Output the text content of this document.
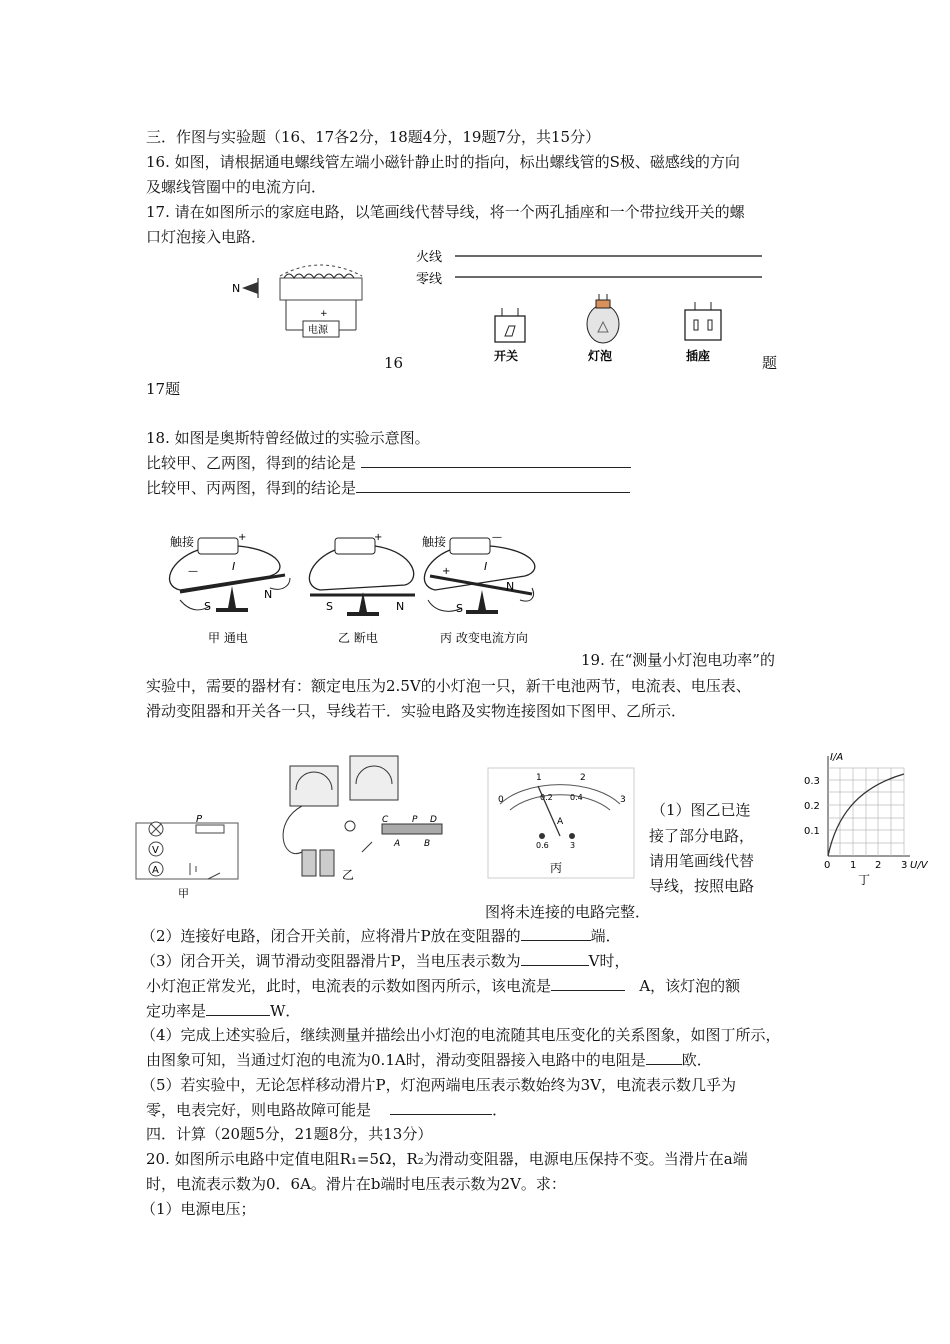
三．作图与实验题（16、17各2分，18题4分，19题7分，共15分）
16. 如图，请根据通电螺线管左端小磁针静止时的指向，标出螺线管的S极、磁感线的方向
及螺线管圈中的电流方向．
17. 请在如图所示的家庭电路，以笔画线代替导线，将一个两孔插座和一个带拉线开关的螺
口灯泡接入电路．
N
电源
+
火线
零线
开关	灯泡	插座
16	题
17题
18. 如图是奥斯特曾经做过的实验示意图。
比较甲、乙两图，得到的结论是
比较甲、丙两图，得到的结论是
触接	+
—	I
S
N
甲 通电
+
S	N
乙 断电
触接	—
+	I
S
N
丙 改变电流方向
19. 在“测量小灯泡电功率”的
实验中，需要的器材有：额定电压为2.5V的小灯泡一只，新干电池两节，电流表、电压表、
滑动变阻器和开关各一只，导线若干．实验电路及实物连接图如下图甲、乙所示．
V
A
P
甲
C	D
A	B
P
乙
0
1	2
3
0.2 0.4
A
0.6	3
丙
（1）图乙已连
接了部分电路，
请用笔画线代替
导线，按照电路
图将未连接的电路完整．
I/A
0.3
0.2
0.1
0 1 2 3 U/V
丁
（2）连接好电路，闭合开关前，应将滑片P放在变阻器的	端．
（3）闭合开关，调节滑动变阻器滑片P，当电压表示数为	V时，
小灯泡正常发光，此时，电流表的示数如图丙所示，该电流是	A，该灯泡的额
定功率是	W．
（4）完成上述实验后，继续测量并描绘出小灯泡的电流随其电压变化的关系图象，如图丁所示，
由图象可知，当通过灯泡的电流为0.1A时，滑动变阻器接入电路中的电阻是 欧．
（5）若实验中，无论怎样移动滑片P，灯泡两端电压表示数始终为3V，电流表示数几乎为
零，电表完好，则电路故障可能是	．
四．计算（20题5分，21题8分，共13分）
20. 如图所示电路中定值电阻R₁=5Ω，R₂为滑动变阻器，电源电压保持不变。当滑片在a端
时，电流表示数为0．6A。滑片在b端时电压表示数为2V。求：
（1）电源电压；
